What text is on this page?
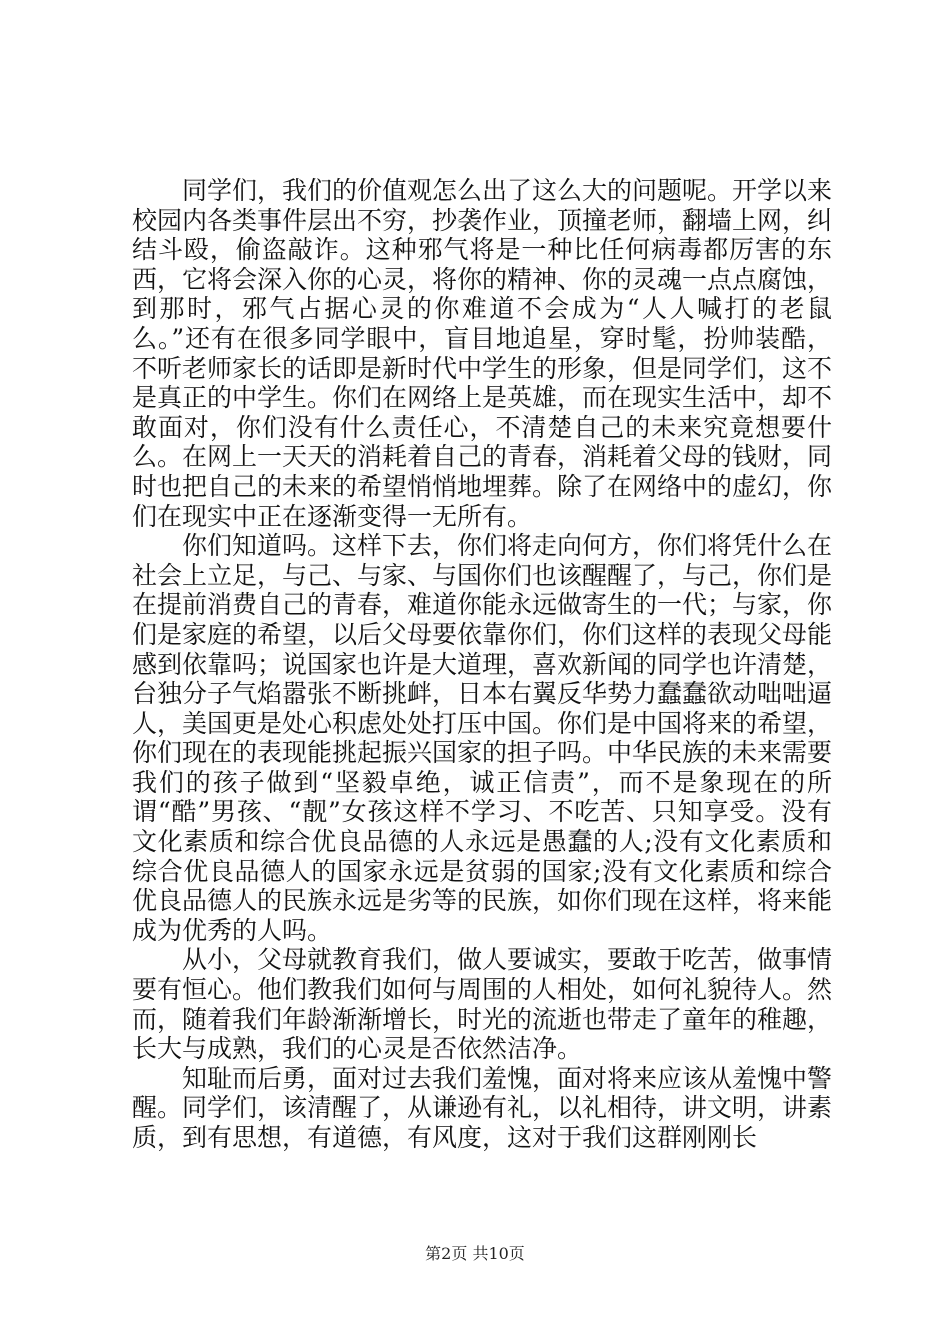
同学们，我们的价值观怎么出了这么大的问题呢。开学以来校园内各类事件层出不穷，抄袭作业，顶撞老师，翻墙上网，纠结斗殴，偷盗敲诈。这种邪气将是一种比任何病毒都厉害的东西，它将会深入你的心灵，将你的精神、你的灵魂一点点腐蚀，到那时，邪气占据心灵的你难道不会成为“人人喊打的老鼠么。”还有在很多同学眼中，盲目地追星，穿时髦，扮帅装酷，不听老师家长的话即是新时代中学生的形象，但是同学们，这不是真正的中学生。你们在网络上是英雄，而在现实生活中，却不敢面对，你们没有什么责任心，不清楚自己的未来究竟想要什么。在网上一天天的消耗着自己的青春，消耗着父母的钱财，同时也把自己的未来的希望悄悄地埋葬。除了在网络中的虚幻，你们在现实中正在逐渐变得一无所有。

你们知道吗。这样下去，你们将走向何方，你们将凭什么在社会上立足，与己、与家、与国你们也该醒醒了，与己，你们是在提前消费自己的青春，难道你能永远做寄生的一代；与家，你们是家庭的希望，以后父母要依靠你们，你们这样的表现父母能感到依靠吗；说国家也许是大道理，喜欢新闻的同学也许清楚，台独分子气焰嚣张不断挑衅，日本右翼反华势力蠢蠢欲动咄咄逼人，美国更是处心积虑处处打压中国。你们是中国将来的希望，你们现在的表现能挑起振兴国家的担子吗。中华民族的未来需要我们的孩子做到“坚毅卓绝，诚正信责”，而不是象现在的所谓“酷”男孩、“靓”女孩这样不学习、不吃苦、只知享受。没有文化素质和综合优良品德的人永远是愚蠢的人;没有文化素质和综合优良品德人的国家永远是贫弱的国家;没有文化素质和综合优良品德人的民族永远是劣等的民族，如你们现在这样，将来能成为优秀的人吗。

从小，父母就教育我们，做人要诚实，要敢于吃苦，做事情要有恒心。他们教我们如何与周围的人相处，如何礼貌待人。然而，随着我们年龄渐渐增长，时光的流逝也带走了童年的稚趣，长大与成熟，我们的心灵是否依然洁净。

知耻而后勇，面对过去我们羞愧，面对将来应该从羞愧中警醒。同学们，该清醒了，从谦逊有礼，以礼相待，讲文明，讲素质，到有思想，有道德，有风度，这对于我们这群刚刚长

第2页 共10页
